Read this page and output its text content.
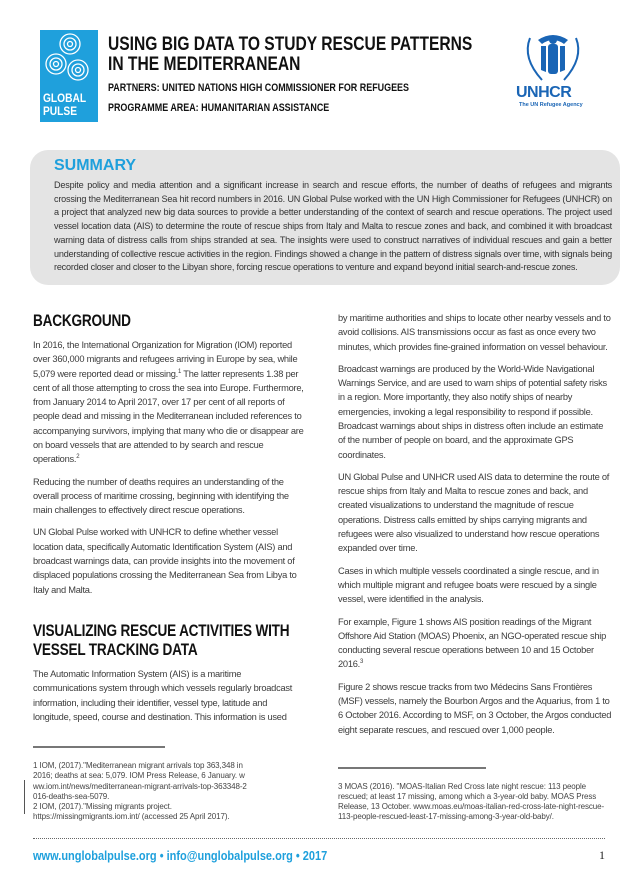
GLOBAL
PULSE
USING BIG DATA TO STUDY RESCUE PATTERNS
IN THE MEDITERRANEAN
PARTNERS: UNITED NATIONS HIGH COMMISSIONER FOR REFUGEES
PROGRAMME AREA: HUMANITARIAN ASSISTANCE
UNHCR
The UN Refugee Agency
SUMMARY

Despite policy and media attention and a significant increase in search and rescue efforts, the number of deaths of refugees and migrants crossing the Mediterranean Sea hit record numbers in 2016. UN Global Pulse worked with the UN High Commissioner for Refugees (UNHCR) on a project that analyzed new big data sources to provide a better understanding of the context of search and rescue operations. The project used vessel location data (AIS) to determine the route of rescue ships from Italy and Malta to rescue zones and back, and combined it with broadcast warning data of distress calls from ships stranded at sea. The insights were used to construct narratives of individual rescues and gain a better understanding of collective rescue activities in the region. Findings showed a change in the pattern of distress signals over time, with signals being recorded closer and closer to the Libyan shore, forcing rescue operations to venture and expand beyond initial search-and-rescue zones.

BACKGROUND

In 2016, the International Organization for Migration (IOM) reported over 360,000 migrants and refugees arriving in Europe by sea, while 5,079 were reported dead or missing.$^1$ The latter represents 1.38 per cent of all those attempting to cross the sea into Europe. Furthermore, from January 2014 to April 2017, over 17 per cent of all reports of people dead and missing in the Mediterranean included references to accompanying survivors, implying that many who die or disappear are on board vessels that are attended to by search and rescue operations.$^2$

Reducing the number of deaths requires an understanding of the overall process of maritime crossing, beginning with identifying the main challenges to effectively direct rescue operations.

UN Global Pulse worked with UNHCR to define whether vessel location data, specifically Automatic Identification System (AIS) and broadcast warnings data, can provide insights into the movement of displaced populations crossing the Mediterranean Sea from Libya to Italy and Malta.

VISUALIZING RESCUE ACTIVITIES WITH
VESSEL TRACKING DATA

The Automatic Information System (AIS) is a maritime communications system through which vessels regularly broadcast information, including their identifier, vessel type, latitude and longitude, speed, course and destination. This information is used

1 IOM, (2017)."Mediterranean migrant arrivals top 363,348 in 2016; deaths at sea: 5,079. IOM Press Release, 6 January. www.iom.int/news/mediterranean-migrant-arrivals-top-363348-2016-deaths-sea-5079.
2 IOM, (2017)."Missing migrants project. https://missingmigrants.iom.int/ (accessed 25 April 2017).

by maritime authorities and ships to locate other nearby vessels and to avoid collisions. AIS transmissions occur as fast as once every two minutes, which provides fine-grained information on vessel behaviour.

Broadcast warnings are produced by the World-Wide Navigational Warnings Service, and are used to warn ships of potential safety risks in a region. More importantly, they also notify ships of nearby emergencies, invoking a legal responsibility to respond if possible. Broadcast warnings about ships in distress often include an estimate of the number of people on board, and the approximate GPS coordinates.

UN Global Pulse and UNHCR used AIS data to determine the route of rescue ships from Italy and Malta to rescue zones and back, and created visualizations to understand the magnitude of rescue operations. Distress calls emitted by ships carrying migrants and refugees were also visualized to understand how rescue operations expanded over time.

Cases in which multiple vessels coordinated a single rescue, and in which multiple migrant and refugee boats were rescued by a single vessel, were identified in the analysis.

For example, Figure 1 shows AIS position readings of the Migrant Offshore Aid Station (MOAS) Phoenix, an NGO-operated rescue ship conducting several rescue operations between 10 and 15 October 2016.$^3$

Figure 2 shows rescue tracks from two Médecins Sans Frontières (MSF) vessels, namely the Bourbon Argos and the Aquarius, from 1 to 6 October 2016. According to MSF, on 3 October, the Argos conducted eight separate rescues, and rescued over 1,000 people.

3 MOAS (2016). "MOAS-Italian Red Cross late night rescue: 113 people rescued; at least 17 missing, among which a 3-year-old baby. MOAS Press Release, 13 October. www.moas.eu/moas-italian-red-cross-late-night-rescue-113-people-rescued-least-17-missing-among-3-year-old-baby/.
www.unglobalpulse.org • info@unglobalpulse.org • 2017	1
